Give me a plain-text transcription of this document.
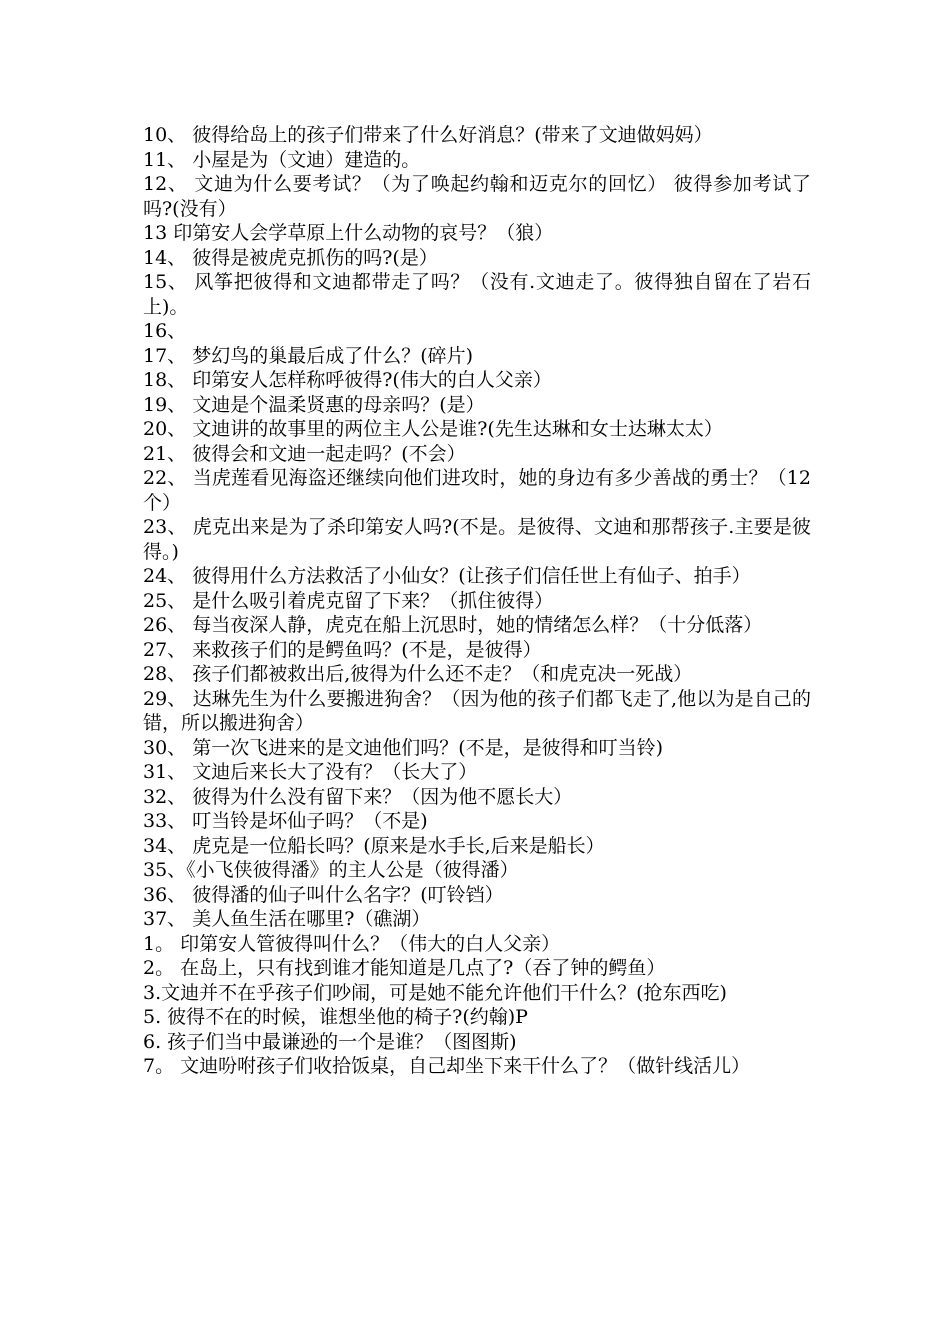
10、 彼得给岛上的孩子们带来了什么好消息？(带来了文迪做妈妈）

11、 小屋是为（文迪）建造的。

12、 文迪为什么要考试？（为了唤起约翰和迈克尔的回忆） 彼得参加考试了吗?(没有）

13 印第安人会学草原上什么动物的哀号？（狼）

14、 彼得是被虎克抓伤的吗?(是）

15、 风筝把彼得和文迪都带走了吗？（没有.文迪走了。彼得独自留在了岩石上)。

16、

17、 梦幻鸟的巢最后成了什么？(碎片)

18、 印第安人怎样称呼彼得?(伟大的白人父亲）

19、 文迪是个温柔贤惠的母亲吗？(是）

20、 文迪讲的故事里的两位主人公是谁?(先生达琳和女士达琳太太）

21、 彼得会和文迪一起走吗？(不会）

22、 当虎莲看见海盗还继续向他们进攻时，她的身边有多少善战的勇士？（12 个）

23、 虎克出来是为了杀印第安人吗?(不是。是彼得、文迪和那帮孩子.主要是彼得。)

24、 彼得用什么方法救活了小仙女？(让孩子们信任世上有仙子、拍手）

25、 是什么吸引着虎克留了下来？（抓住彼得）

26、 每当夜深人静，虎克在船上沉思时，她的情绪怎么样？（十分低落）

27、 来救孩子们的是鳄鱼吗？(不是，是彼得）

28、 孩子们都被救出后,彼得为什么还不走？（和虎克决一死战）

29、 达琳先生为什么要搬进狗舍？（因为他的孩子们都飞走了,他以为是自己的错，所以搬进狗舍）

30、 第一次飞进来的是文迪他们吗？(不是，是彼得和叮当铃)

31、 文迪后来长大了没有？（长大了）

32、 彼得为什么没有留下来？（因为他不愿长大）

33、 叮当铃是坏仙子吗？（不是)

34、 虎克是一位船长吗？(原来是水手长,后来是船长）

35、《小飞侠彼得潘》的主人公是（彼得潘）

36、 彼得潘的仙子叫什么名字？(叮铃铛）

37、 美人鱼生活在哪里?（礁湖）

1。 印第安人管彼得叫什么？（伟大的白人父亲）

2。 在岛上，只有找到谁才能知道是几点了?（吞了钟的鳄鱼）

3.文迪并不在乎孩子们吵闹，可是她不能允许他们干什么？(抢东西吃)

5. 彼得不在的时候，谁想坐他的椅子?(约翰)P

6. 孩子们当中最谦逊的一个是谁？（图图斯)

7。 文迪吩咐孩子们收拾饭桌，自己却坐下来干什么了？（做针线活儿）
